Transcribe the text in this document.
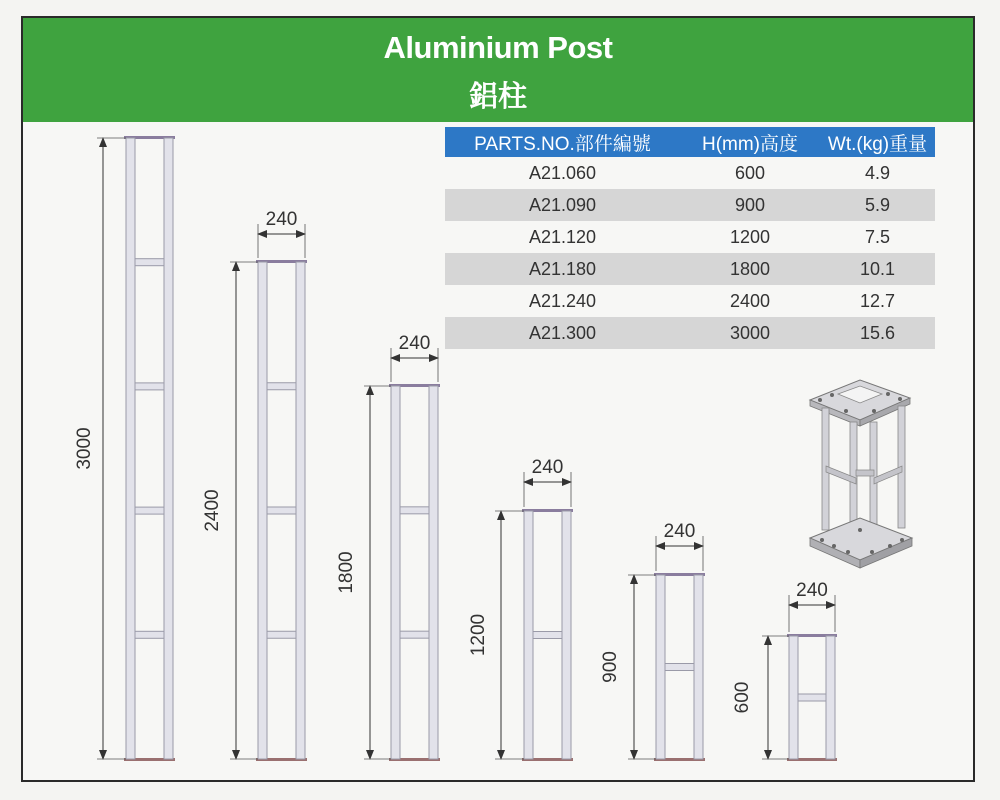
Aluminium Post
鋁柱
PARTS.NO.部件編號	H(mm)高度	Wt.(kg)重量
A21.060	600	4.9
A21.090	900	5.9
A21.120	1200	7.5
A21.180	1800	10.1
A21.240	2400	12.7
A21.300	3000	15.6
3000
2400
240
1800
240
1200
240
900
240
600
240
